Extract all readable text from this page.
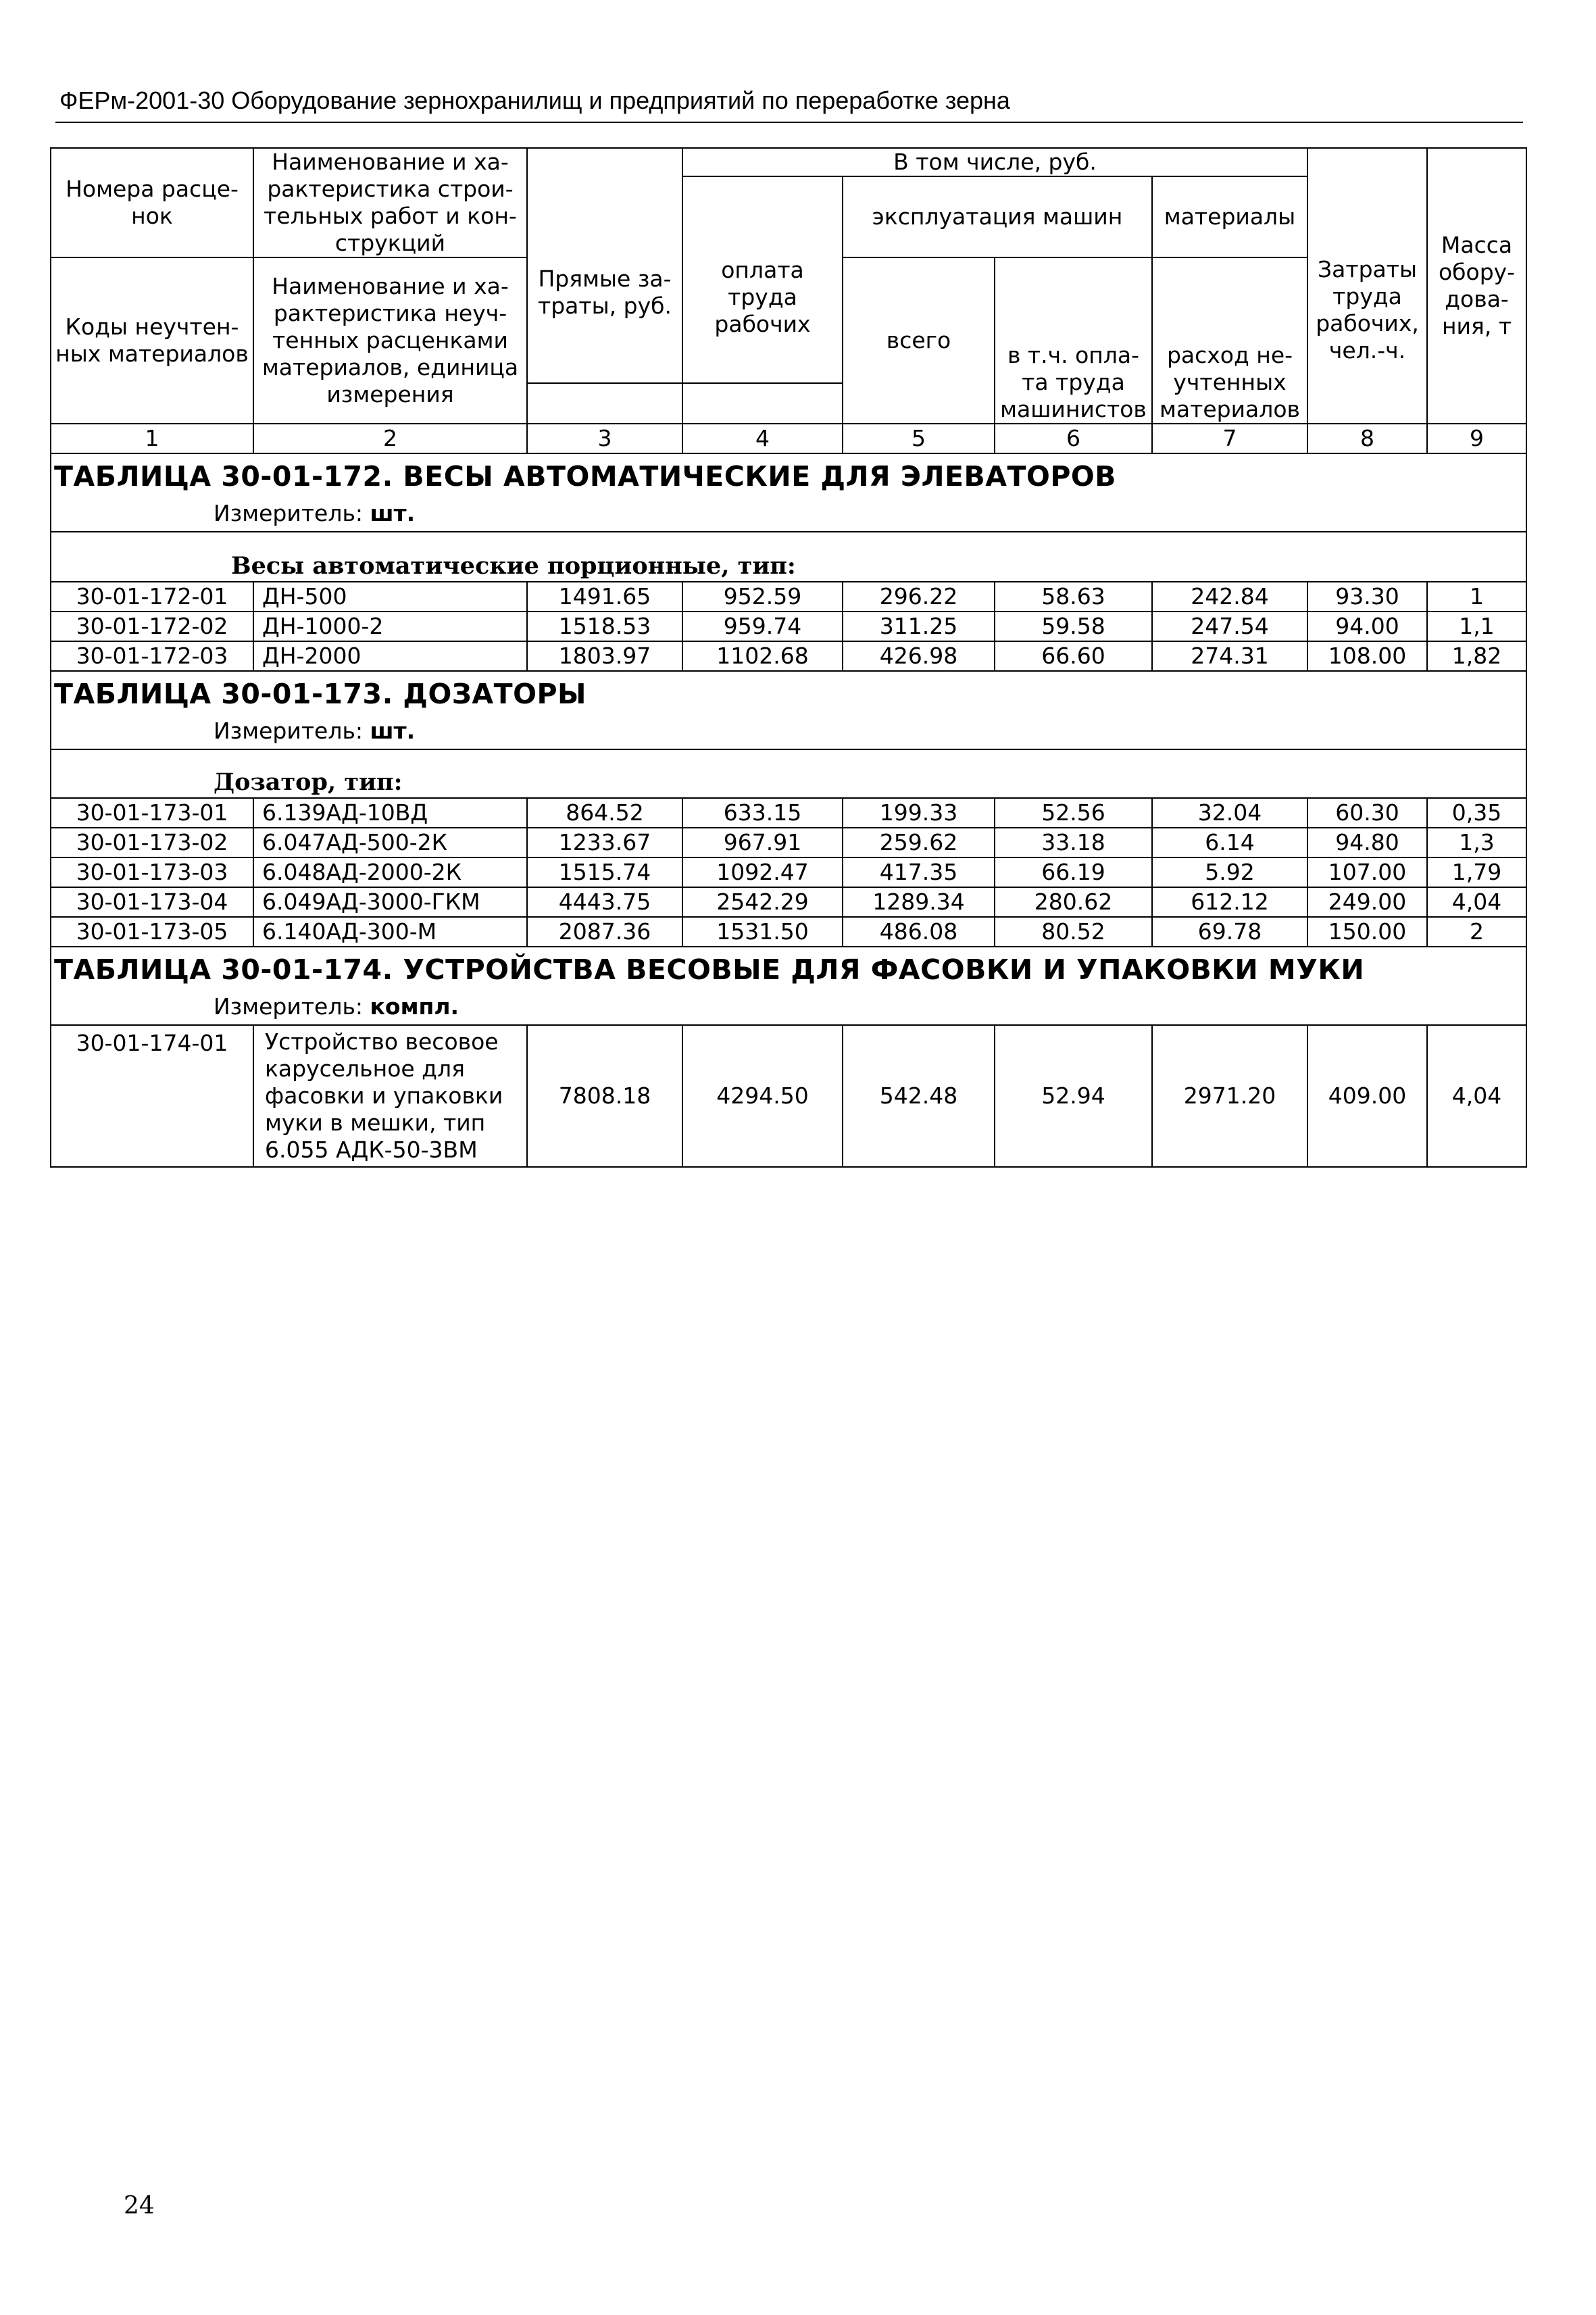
ФЕРм-2001-30 Оборудование зернохранилищ и предприятий по переработке зерна
Номера расце-нок	Наименование и ха-рактеристика строи-тельных работ и кон-струкций	Прямые за-траты, руб.	В том числе, руб.					Масса обору-дова-ния, т
			оплата труда рабочих	эксплуатация машин		материалы	Затраты труда рабочих, чел.-ч.	

Коды неучтен-ных материалов	Наименование и ха-рактеристика неуч-тенных расценками материалов, единица измерения			всего	в т.ч. опла-та труда машинистов	расход не-учтенных материалов		

1	2	3	4	5	6	7	8	9
ТАБЛИЦА 30-01-172. ВЕСЫ АВТОМАТИЧЕСКИЕ ДЛЯ ЭЛЕВАТОРОВ								
Измеритель: шт.								
Весы автоматические порционные, тип:								
30-01-172-01	ДН-500	1491.65	952.59	296.22	58.63	242.84	93.30	1
30-01-172-02	ДН-1000-2	1518.53	959.74	311.25	59.58	247.54	94.00	1,1
30-01-172-03	ДН-2000	1803.97	1102.68	426.98	66.60	274.31	108.00	1,82
ТАБЛИЦА 30-01-173. ДОЗАТОРЫ								
Измеритель: шт.								
Дозатор, тип:								
30-01-173-01	6.139АД-10ВД	864.52	633.15	199.33	52.56	32.04	60.30	0,35
30-01-173-02	6.047АД-500-2К	1233.67	967.91	259.62	33.18	6.14	94.80	1,3
30-01-173-03	6.048АД-2000-2К	1515.74	1092.47	417.35	66.19	5.92	107.00	1,79
30-01-173-04	6.049АД-3000-ГКМ	4443.75	2542.29	1289.34	280.62	612.12	249.00	4,04
30-01-173-05	6.140АД-300-М	2087.36	1531.50	486.08	80.52	69.78	150.00	2
ТАБЛИЦА 30-01-174. УСТРОЙСТВА ВЕСОВЫЕ ДЛЯ ФАСОВКИ И УПАКОВКИ МУКИ								
Измеритель: компл.								
30-01-174-01	Устройство весовое карусельное для фасовки и упаковки муки в мешки, тип 6.055 АДК-50-3ВМ	7808.18	4294.50	542.48	52.94	2971.20	409.00	4,04
24
